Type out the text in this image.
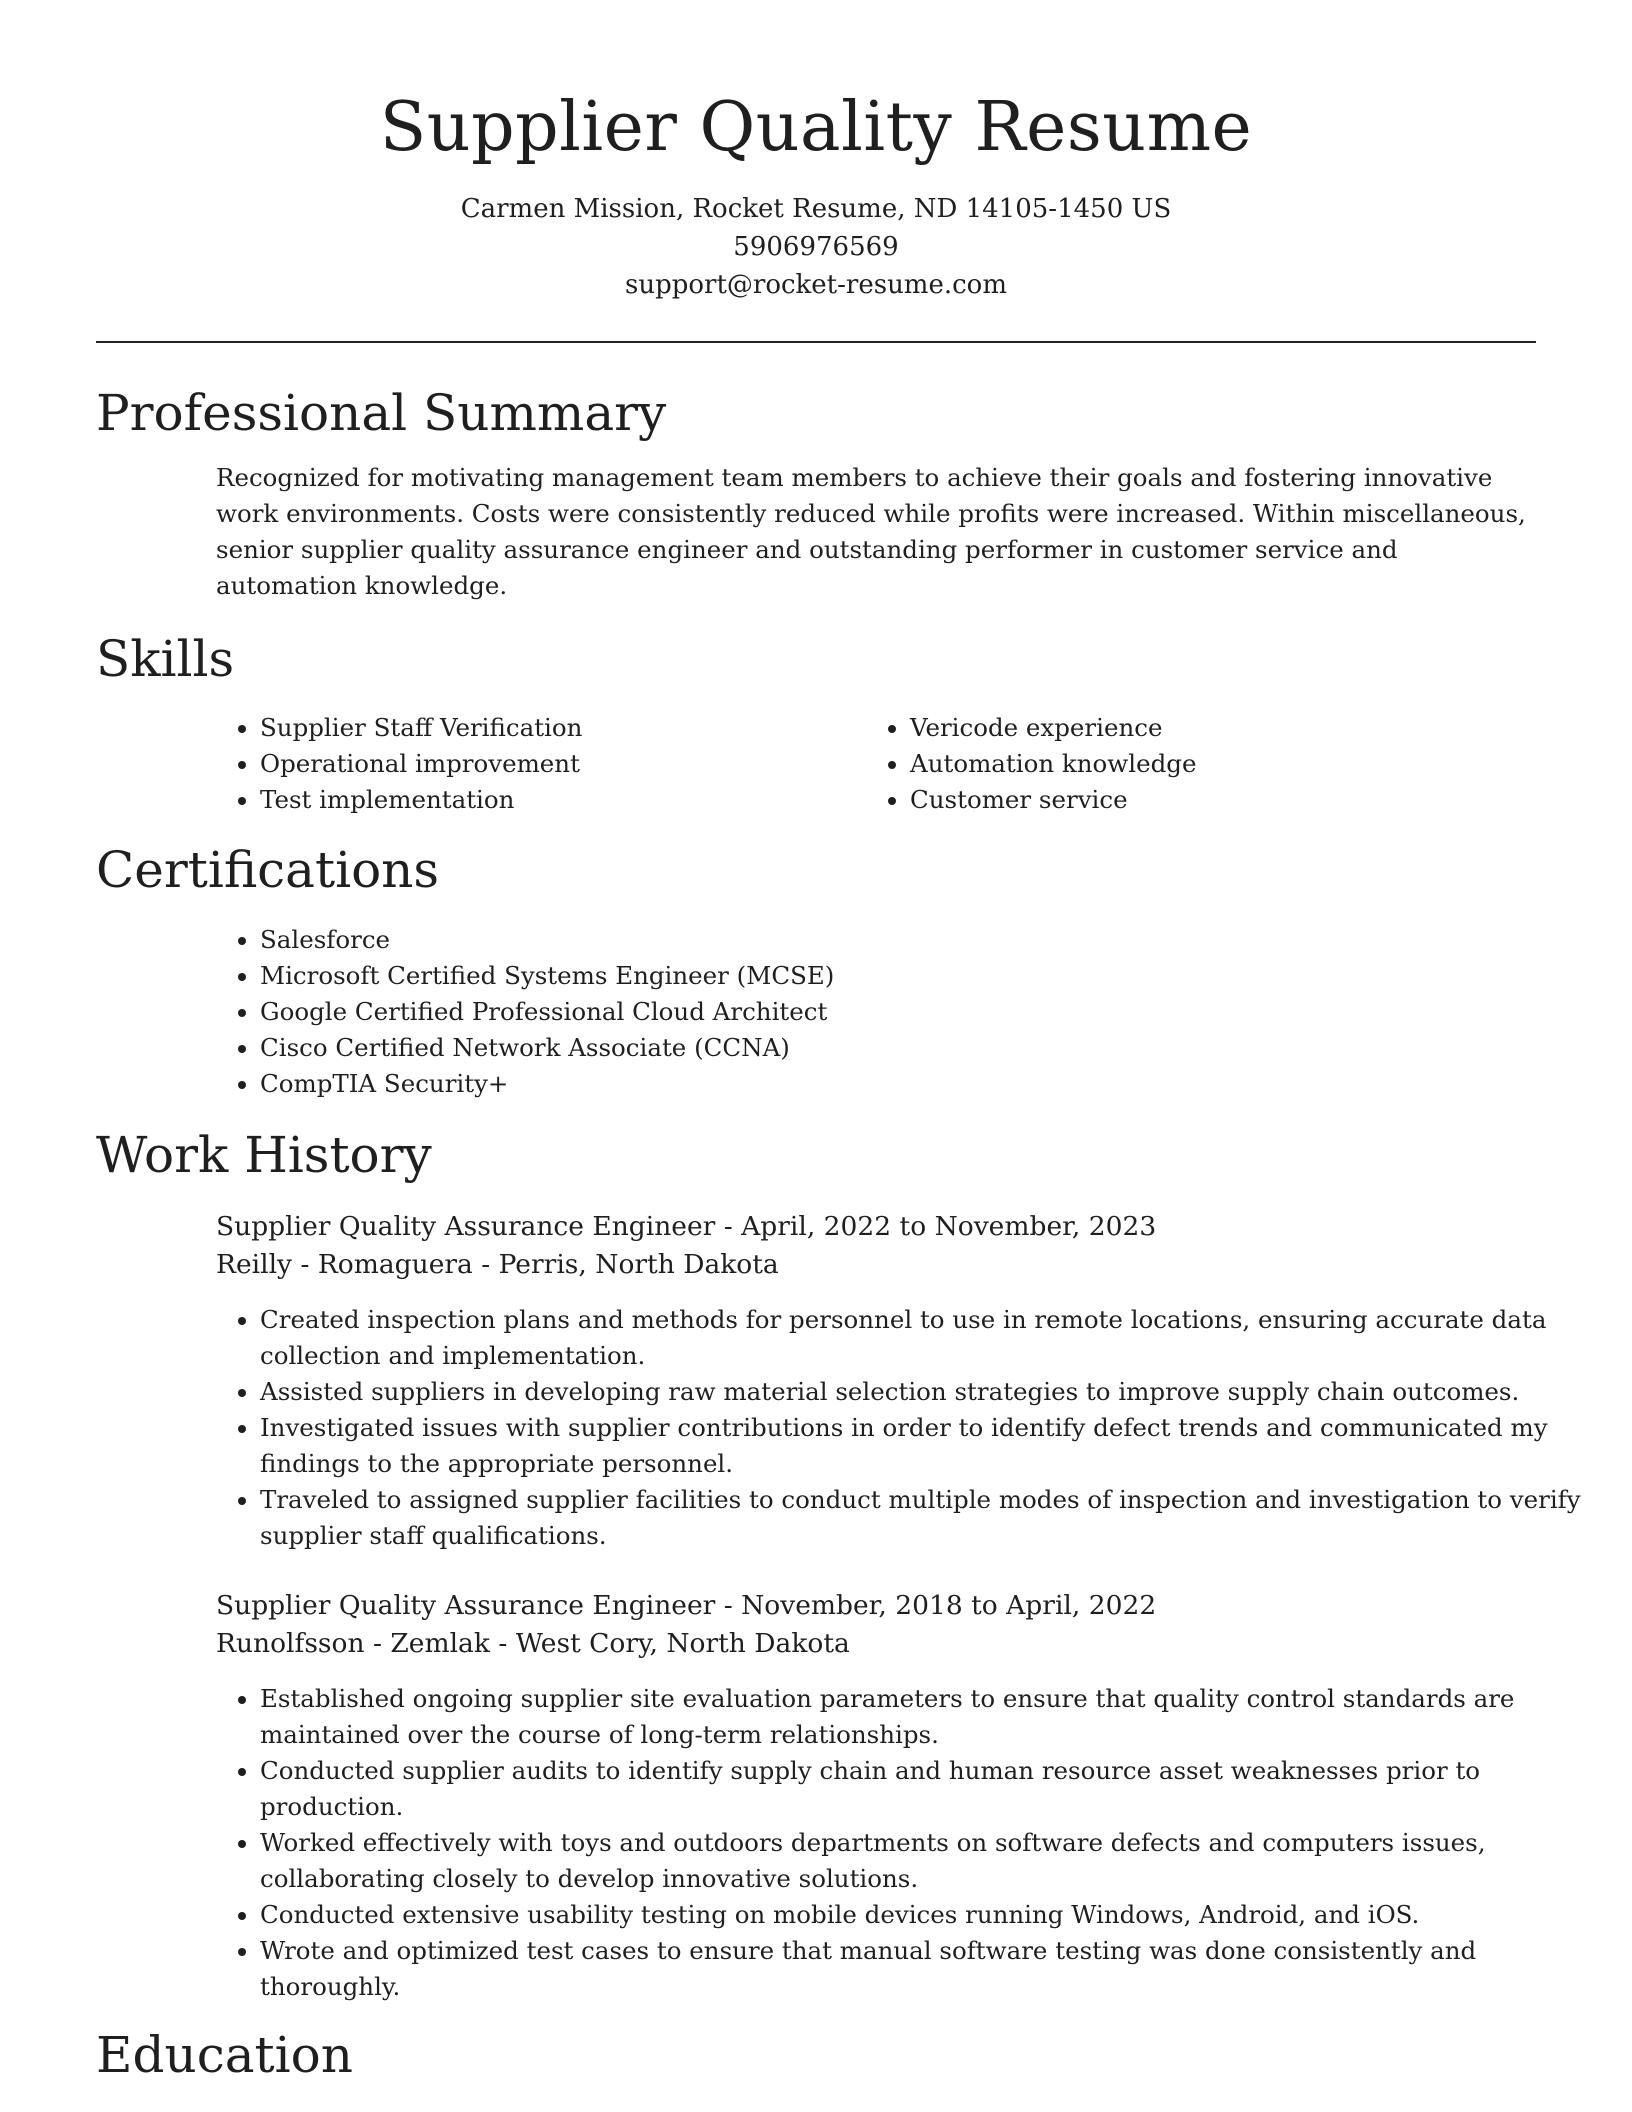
Supplier Quality Resume

Carmen Mission, Rocket Resume, ND 14105-1450 US

5906976569

support@rocket-resume.com

Professional Summary

Recognized for motivating management team members to achieve their goals and fostering innovative work environments. Costs were consistently reduced while profits were increased. Within miscellaneous, senior supplier quality assurance engineer and outstanding performer in customer service and automation knowledge.

Skills
• Supplier Staff Verification
• Operational improvement
• Test implementation
• Vericode experience
• Automation knowledge
• Customer service
Certifications
• Salesforce
• Microsoft Certified Systems Engineer (MCSE)
• Google Certified Professional Cloud Architect
• Cisco Certified Network Associate (CCNA)
• CompTIA Security+
Work History
Supplier Quality Assurance Engineer - April, 2022 to November, 2023
Reilly - Romaguera - Perris, North Dakota
• Created inspection plans and methods for personnel to use in remote locations, ensuring accurate data collection and implementation.
• Assisted suppliers in developing raw material selection strategies to improve supply chain outcomes.
• Investigated issues with supplier contributions in order to identify defect trends and communicated my findings to the appropriate personnel.
• Traveled to assigned supplier facilities to conduct multiple modes of inspection and investigation to verify supplier staff qualifications.
Supplier Quality Assurance Engineer - November, 2018 to April, 2022
Runolfsson - Zemlak - West Cory, North Dakota
• Established ongoing supplier site evaluation parameters to ensure that quality control standards are maintained over the course of long-term relationships.
• Conducted supplier audits to identify supply chain and human resource asset weaknesses prior to production.
• Worked effectively with toys and outdoors departments on software defects and computers issues, collaborating closely to develop innovative solutions.
• Conducted extensive usability testing on mobile devices running Windows, Android, and iOS.
• Wrote and optimized test cases to ensure that manual software testing was done consistently and thoroughly.
Education
